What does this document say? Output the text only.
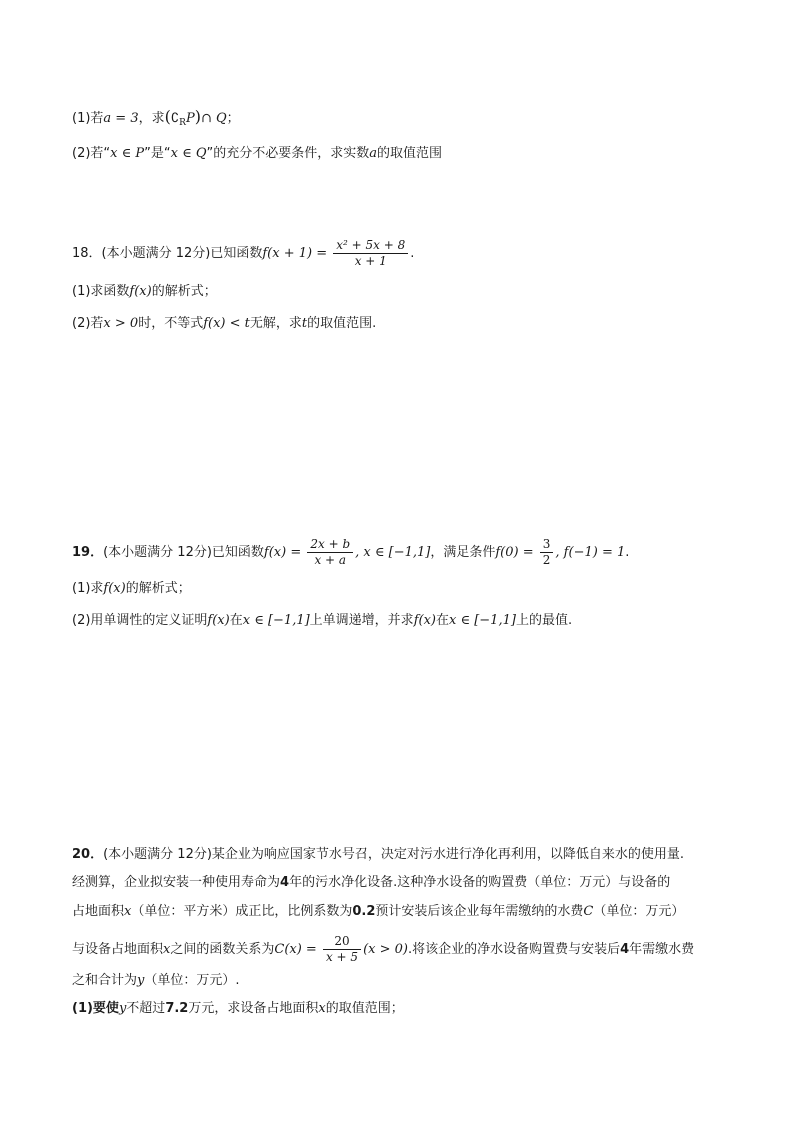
(1)若a = 3，求$(∁_RP)\cap$ Q；
(2)若“x ∈ P”是“x ∈ Q”的充分不必要条件，求实数a的取值范围
18．(本小题满分 12分)已知函数$f(x + 1) = \frac{\text{x² + 5x + 8}}{x + 1}$ .
(1)求函数f(x)的解析式；
(2)若x > 0时，不等式f(x) < t无解，求t的取值范围.
19．(本小题满分 12分)已知函数$f(x) = \frac{2x + b}{x + a}$ , x ∈ [−1,1]，满足条件$f(0) = \frac{3}{2}$ , f(−1) = 1.
(1)求f(x)的解析式；
(2)用单调性的定义证明f(x)在x ∈ [−1,1]上单调递增，并求f(x)在x ∈ [−1,1]上的最值.
20．(本小题满分 12分)某企业为响应国家节水号召，决定对污水进行净化再利用，以降低自来水的使用量.
经测算，企业拟安装一种使用寿命为4年的污水净化设备.这种净水设备的购置费（单位：万元）与设备的
占地面积x（单位：平方米）成正比，比例系数为0.2预计安装后该企业每年需缴纳的水费C（单位：万元）
与设备占地面积x之间的函数关系为$C(x) = \frac{20}{x + 5} (x > 0)$.将该企业的净水设备购置费与安装后4年需缴水费
之和合计为y（单位：万元）.
(1)要使y不超过7.2万元，求设备占地面积x的取值范围；
